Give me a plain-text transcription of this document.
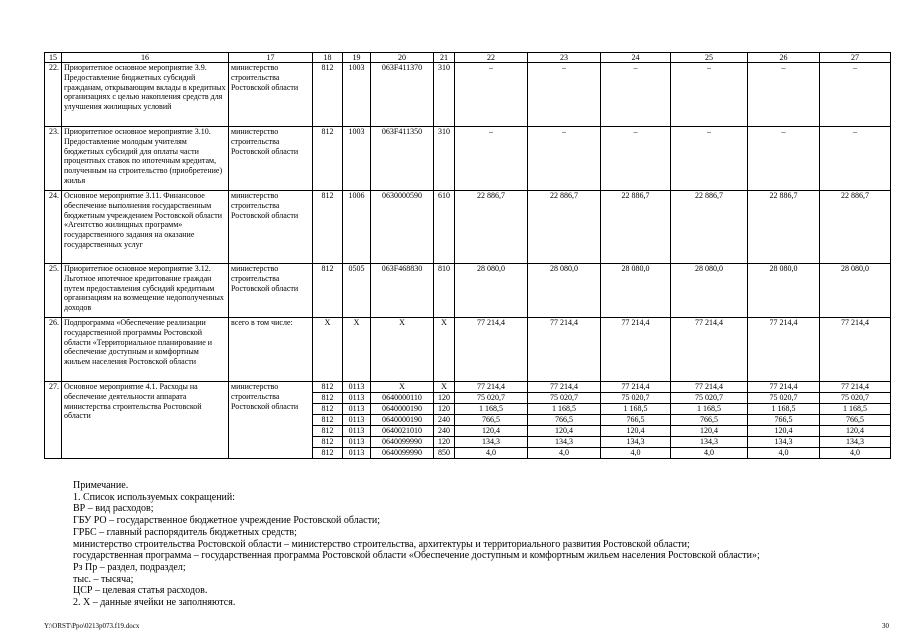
15	16	17	18	19	20	21	22	23	24	25	26	27
22.	Приоритетное основное мероприятие 3.9. Предоставление бюджетных субсидий гражданам, открывающим вклады в кредитных организациях с целью накопления средств для улучшения жилищных условий	министерство строительства Ростовской области	812	1003	063F411370	310	–	–	–	–	–	–
23.	Приоритетное основное мероприятие 3.10. Предоставление молодым учителям бюджетных субсидий для оплаты части процентных ставок по ипотечным кредитам, полученным на строительство (приобретение) жилья	министерство строительства Ростовской области	812	1003	063F411350	310	–	–	–	–	–	–
24.	Основное мероприятие 3.11. Финансовое обеспечение выполнения государственным бюджетным учреждением Ростовской области «Агентство жилищных программ» государственного задания на оказание государственных услуг	министерство строительства Ростовской области	812	1006	0630000590	610	22 886,7	22 886,7	22 886,7	22 886,7	22 886,7	22 886,7
25.	Приоритетное основное мероприятие 3.12. Льготное ипотечное кредитование граждан путем предоставления субсидий кредитным организациям на возмещение недополученных доходов	министерство строительства Ростовской области	812	0505	063F468830	810	28 080,0	28 080,0	28 080,0	28 080,0	28 080,0	28 080,0
26.	Подпрограмма «Обеспечение реализации государственной программы Ростовской области «Территориальное планирование и обеспечение доступным и комфортным жильем населения Ростовской области	всего в том числе:	Х	Х	Х	Х	77 214,4	77 214,4	77 214,4	77 214,4	77 214,4	77 214,4
27.	Основное мероприятие 4.1. Расходы на обеспечение деятельности аппарата министерства строительства Ростовской области	министерство строительства Ростовской области	812	0113	Х	Х	77 214,4	77 214,4	77 214,4	77 214,4	77 214,4	77 214,4
			812	0113	0640000110	120	75 020,7	75 020,7	75 020,7	75 020,7	75 020,7	75 020,7
			812	0113	0640000190	120	1 168,5	1 168,5	1 168,5	1 168,5	1 168,5	1 168,5
			812	0113	0640000190	240	766,5	766,5	766,5	766,5	766,5	766,5
			812	0113	0640021010	240	120,4	120,4	120,4	120,4	120,4	120,4
			812	0113	0640099990	120	134,3	134,3	134,3	134,3	134,3	134,3
			812	0113	0640099990	850	4,0	4,0	4,0	4,0	4,0	4,0
Примечание.
1. Список используемых сокращений:
ВР – вид расходов;
ГБУ РО – государственное бюджетное учреждение Ростовской области;
ГРБС – главный распорядитель бюджетных средств;
министерство строительства Ростовской области – министерство строительства, архитектуры и территориального развития Ростовской области;
государственная программа – государственная программа Ростовской области «Обеспечение доступным и комфортным жильем населения Ростовской области»;
Рз Пр – раздел, подраздел;
тыс. – тысяча;
ЦСР – целевая статья расходов.
2. Х – данные ячейки не заполняются.
Y:\ORST\Ppo\0213p073.f19.docx	30
